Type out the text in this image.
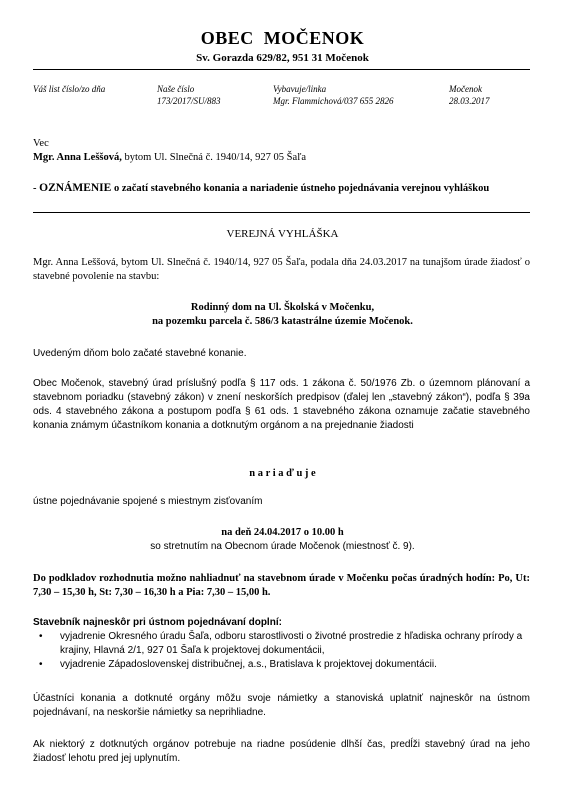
OBEC  MOČENOK
Sv. Gorazda 629/82, 951 31 Močenok
Váš list číslo/zo dňa	Naše číslo
173/2017/SU/883
Vybavuje/linka
Mgr. Flammichová/037 655 2826
Močenok
28.03.2017
Vec
Mgr. Anna Leššová, bytom Ul. Slnečná č. 1940/14, 927 05 Šaľa
- OZNÁMENIE o začatí stavebného konania a nariadenie ústneho pojednávania verejnou vyhláškou
VEREJNÁ VYHLÁŠKA
Mgr. Anna Leššová, bytom Ul. Slnečná č. 1940/14, 927 05 Šaľa, podala dňa 24.03.2017 na tunajšom úrade žiadosť o stavebné povolenie na stavbu:
Rodinný dom na Ul. Školská v Močenku,
na pozemku parcela č. 586/3 katastrálne územie Močenok.
Uvedeným dňom bolo začaté stavebné konanie.
Obec Močenok, stavebný úrad príslušný podľa § 117 ods. 1 zákona č. 50/1976 Zb. o územnom plánovaní a stavebnom poriadku (stavebný zákon) v znení neskorších predpisov (ďalej len „stavebný zákon“), podľa § 39a ods. 4 stavebného zákona a postupom podľa § 61 ods. 1 stavebného zákona oznamuje začatie stavebného konania známym účastníkom konania a dotknutým orgánom a na prejednanie žiadosti
n a r i a ď u j e
ústne pojednávanie spojené s miestnym zisťovaním
na deň 24.04.2017 o 10.00 h
so stretnutím na Obecnom úrade Močenok (miestnosť č. 9).
Do podkladov rozhodnutia možno nahliadnuť na stavebnom úrade v Močenku počas úradných hodín: Po, Ut: 7,30 – 15,30 h, St: 7,30 – 16,30 h a Pia: 7,30 – 15,00 h.
Stavebník najneskôr pri ústnom pojednávaní doplní:
• vyjadrenie Okresného úradu Šaľa, odboru starostlivosti o životné prostredie z hľadiska ochrany prírody a krajiny, Hlavná 2/1, 927 01 Šaľa k projektovej dokumentácii,
• vyjadrenie Západoslovenskej distribučnej, a.s., Bratislava k projektovej dokumentácii.
Účastníci konania a dotknuté orgány môžu svoje námietky a stanoviská uplatniť najneskôr na ústnom pojednávaní, na neskoršie námietky sa neprihliadne.
Ak niektorý z dotknutých orgánov potrebuje na riadne posúdenie dlhší čas, predĺži stavebný úrad na jeho žiadosť lehotu pred jej uplynutím.
